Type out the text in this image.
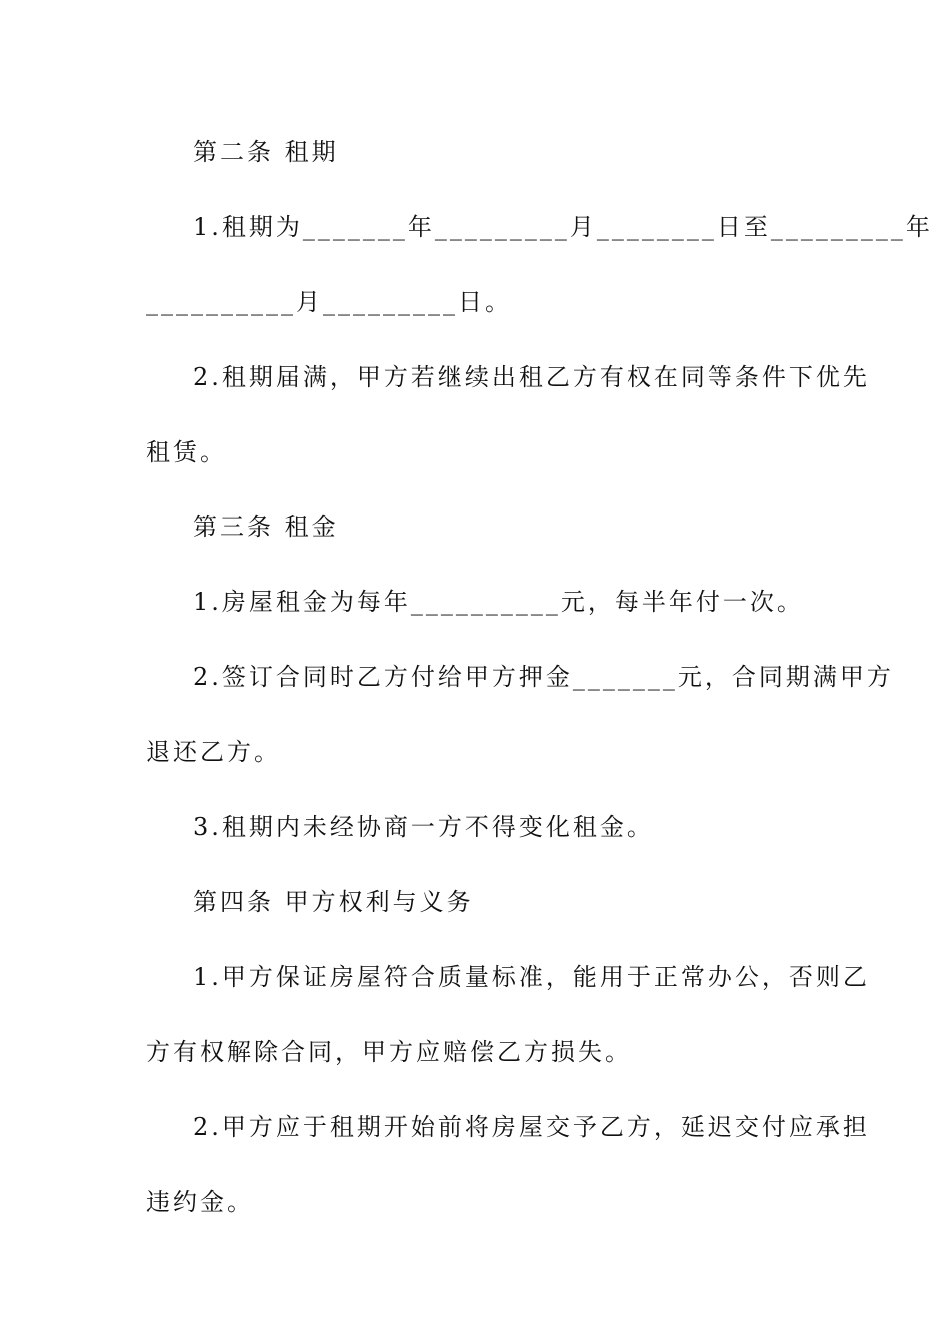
第二条 租期
1.租期为_______年_________月________日至_________年
__________月_________日。
2.租期届满，甲方若继续出租乙方有权在同等条件下优先
租赁。
第三条 租金
1.房屋租金为每年__________元，每半年付一次。
2.签订合同时乙方付给甲方押金_______元，合同期满甲方
退还乙方。
3.租期内未经协商一方不得变化租金。
第四条 甲方权利与义务
1.甲方保证房屋符合质量标准，能用于正常办公，否则乙
方有权解除合同，甲方应赔偿乙方损失。
2.甲方应于租期开始前将房屋交予乙方，延迟交付应承担
违约金。
